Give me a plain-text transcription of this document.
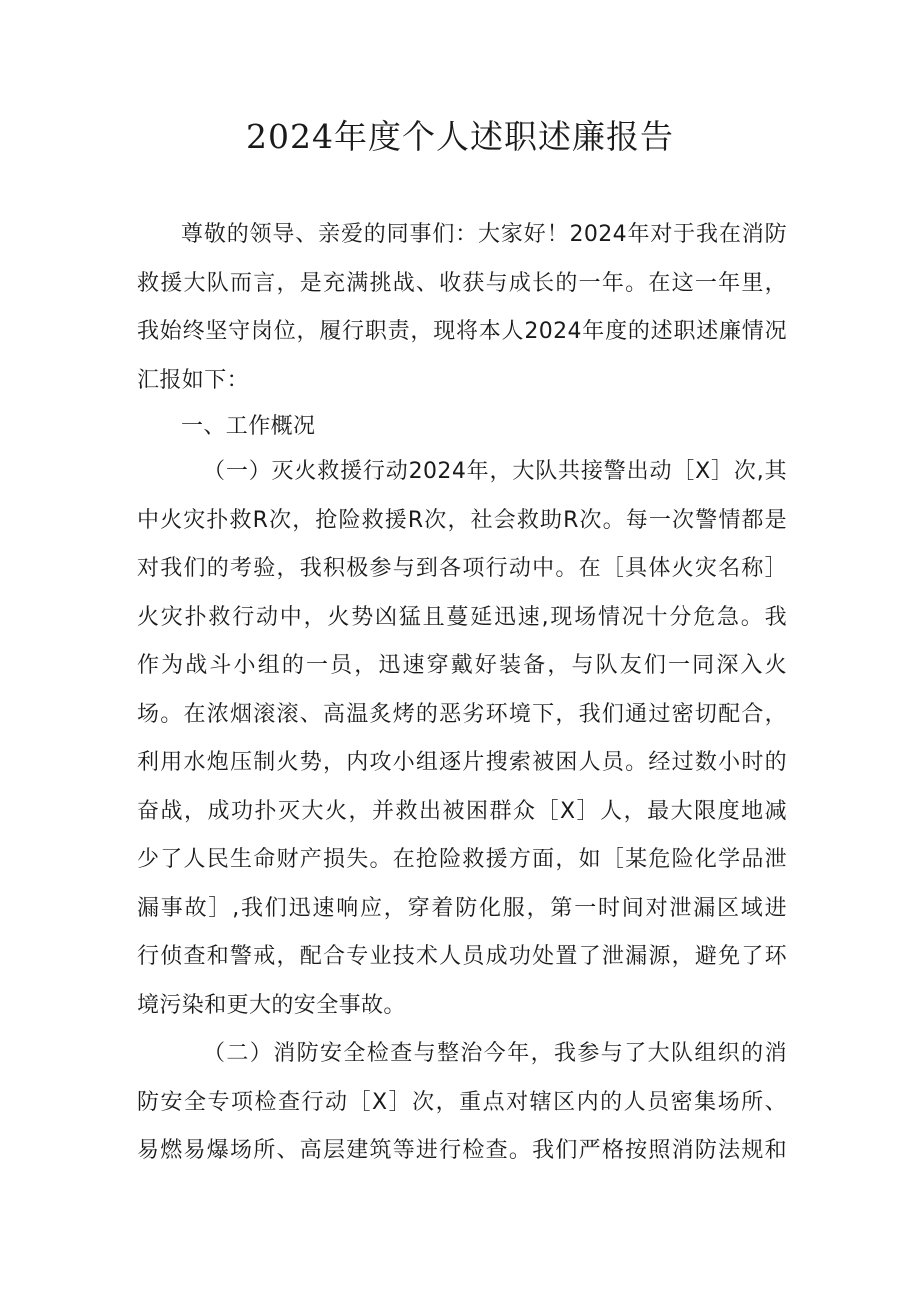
2024年度个人述职述廉报告

尊敬的领导、亲爱的同事们：大家好！2024年对于我在消防
救援大队而言，是充满挑战、收获与成长的一年。在这一年里，
我始终坚守岗位，履行职责，现将本人2024年度的述职述廉情况
汇报如下：

一、工作概况

（一）灭火救援行动2024年，大队共接警出动［X］次,其
中火灾扑救R次，抢险救援R次，社会救助R次。每一次警情都是
对我们的考验，我积极参与到各项行动中。在［具体火灾名称］
火灾扑救行动中，火势凶猛且蔓延迅速,现场情况十分危急。我
作为战斗小组的一员，迅速穿戴好装备，与队友们一同深入火
场。在浓烟滚滚、高温炙烤的恶劣环境下，我们通过密切配合，
利用水炮压制火势，内攻小组逐片搜索被困人员。经过数小时的
奋战，成功扑灭大火，并救出被困群众［X］人，最大限度地减
少了人民生命财产损失。在抢险救援方面，如［某危险化学品泄
漏事故］,我们迅速响应，穿着防化服，第一时间对泄漏区域进
行侦查和警戒，配合专业技术人员成功处置了泄漏源，避免了环
境污染和更大的安全事故。

（二）消防安全检查与整治今年，我参与了大队组织的消
防安全专项检查行动［X］次，重点对辖区内的人员密集场所、
易燃易爆场所、高层建筑等进行检查。我们严格按照消防法规和
